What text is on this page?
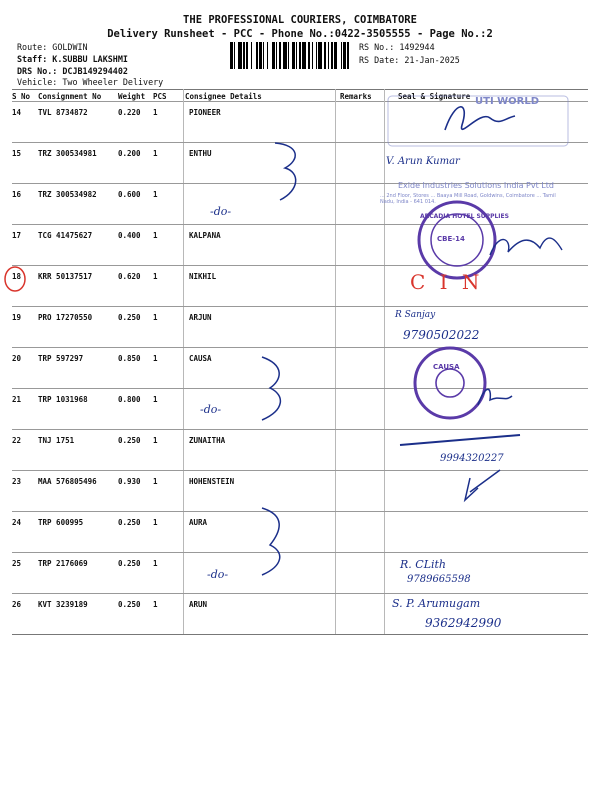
THE PROFESSIONAL COURIERS, COIMBATORE
Delivery Runsheet - PCC - Phone No.:0422-3505555 - Page No.:2
Route: GOLDWIN
Staff: K.SUBBU LAKSHMI
DRS No.: DCJB149294402
Vehicle: Two Wheeler Delivery
RS No.: 1492944
RS Date: 21-Jan-2025
S No Consignment No Weight PCS Consignee Details	Remarks	Seal & Signature
14 TVL 8734872	0.220 1	PIONEER
15 TRZ 300534981	0.200 1	ENTHU
16 TRZ 300534982	0.600 1
17 TCG 41475627	0.400 1	KALPANA
18 KRR 50137517	0.620 1	NIKHIL
19 PRO 17270550	0.250 1	ARJUN
20 TRP 597297	0.850 1	CAUSA
21 TRP 1031968	0.800 1
22 TNJ 1751	0.250 1	ZUNAITHA
23 MAA 576805496	0.930 1	HOHENSTEIN
24 TRP 600995	0.250 1	AURA
25 TRP 2176069	0.250 1
26 KVT 3239189	0.250 1	ARUN
-do-
-do-
-do-
UTI WORLD
V. Arun Kumar
Exide Industries Solutions India Pvt Ltd
... 2nd Floor, Stores ... Baaya Mill Road, Goldwins, Coimbatore ... Tamil Nadu, India - 641 014.
ARCADIA HOTEL SUPPLIES
CBE-14
C I N
R Sanjay
9790502022
CAUSA
9994320227
R. CLith
9789665598
S. P. Arumugam
9362942990
